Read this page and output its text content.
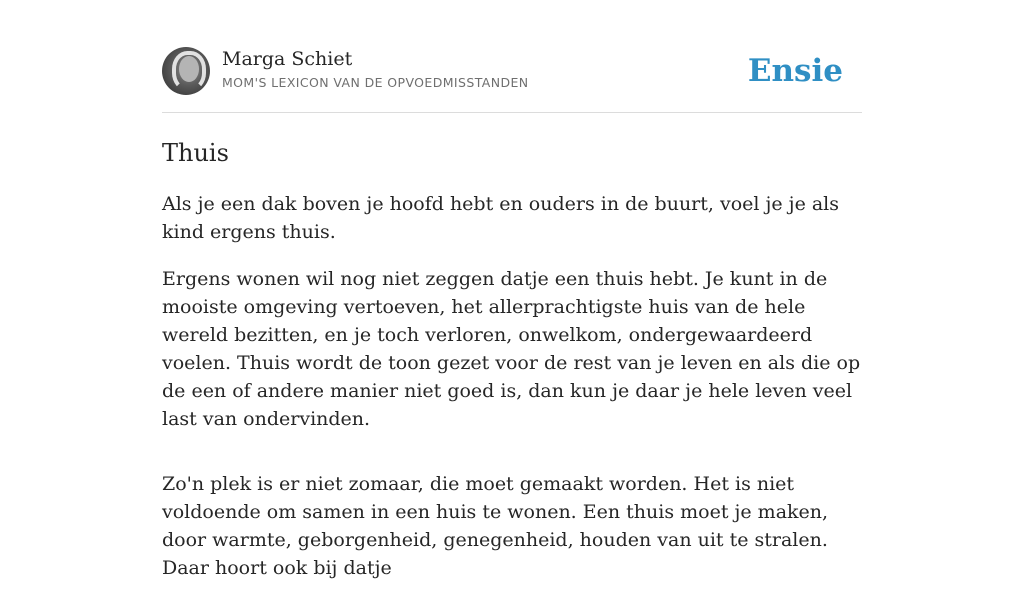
Marga Schiet
MOM'S LEXICON VAN DE OPVOEDMISSTANDEN	Ensie
Thuis

Als je een dak boven je hoofd hebt en ouders in de buurt, voel je je als kind ergens thuis.

Ergens wonen wil nog niet zeggen datje een thuis hebt. Je kunt in de mooiste omgeving vertoeven, het allerprachtigste huis van de hele wereld bezitten, en je toch verloren, onwelkom, ondergewaardeerd voelen. Thuis wordt de toon gezet voor de rest van je leven en als die op de een of andere manier niet goed is, dan kun je daar je hele leven veel last van ondervinden.

Zo'n plek is er niet zomaar, die moet gemaakt worden. Het is niet voldoende om samen in een huis te wonen. Een thuis moet je maken, door warmte, geborgenheid, genegenheid, houden van uit te stralen. Daar hoort ook bij datje
